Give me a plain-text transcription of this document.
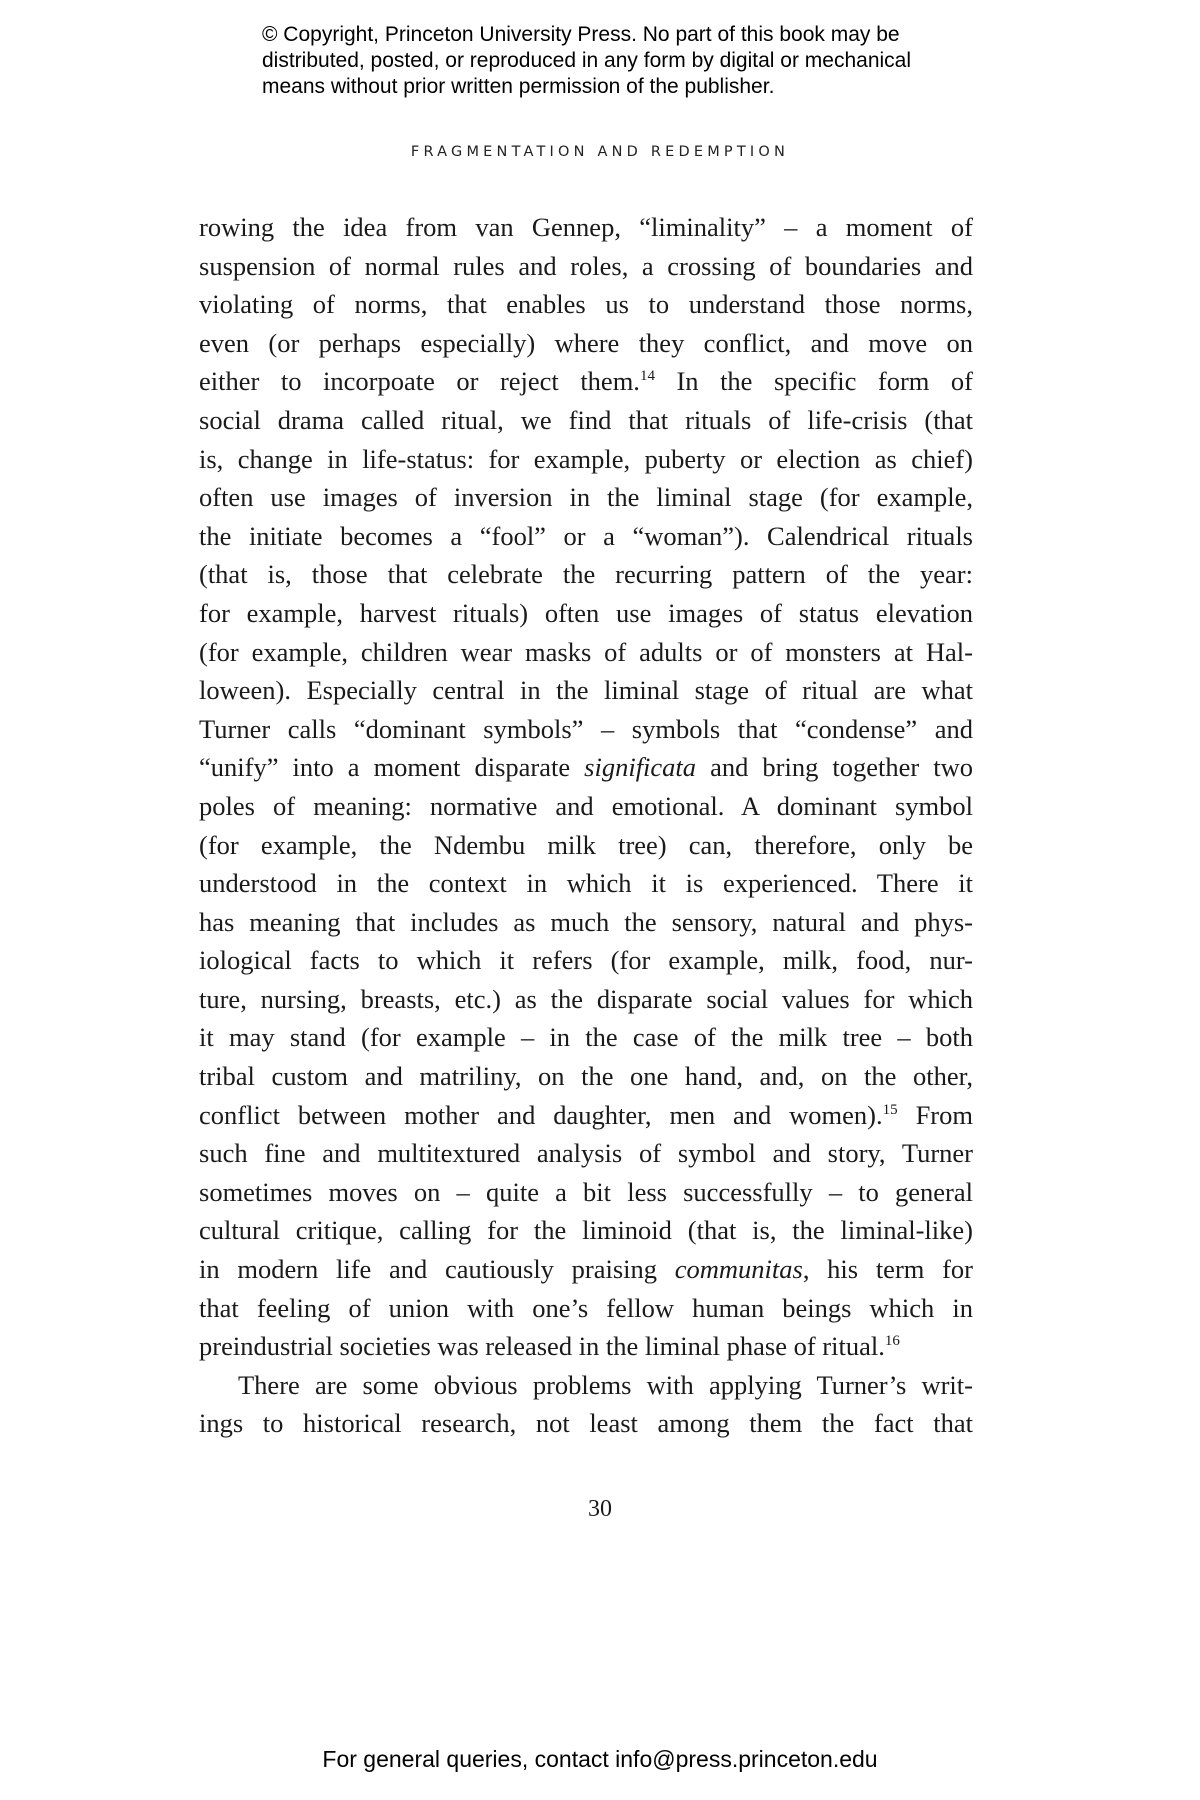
© Copyright, Princeton University Press. No part of this book may be
distributed, posted, or reproduced in any form by digital or mechanical
means without prior written permission of the publisher.
FRAGMENTATION AND REDEMPTION
rowing the idea from van Gennep, “liminality” – a moment of
suspension of normal rules and roles, a crossing of boundaries and
violating of norms, that enables us to understand those norms,
even (or perhaps especially) where they conflict, and move on
either to incorpoate or reject them.$^{14}$ In the specific form of
social drama called ritual, we find that rituals of life-crisis (that
is, change in life-status: for example, puberty or election as chief)
often use images of inversion in the liminal stage (for example,
the initiate becomes a “fool” or a “woman”). Calendrical rituals
(that is, those that celebrate the recurring pattern of the year:
for example, harvest rituals) often use images of status elevation
(for example, children wear masks of adults or of monsters at Hal-
loween). Especially central in the liminal stage of ritual are what
Turner calls “dominant symbols” – symbols that “condense” and
“unify” into a moment disparate significata and bring together two
poles of meaning: normative and emotional. A dominant symbol
(for example, the Ndembu milk tree) can, therefore, only be
understood in the context in which it is experienced. There it
has meaning that includes as much the sensory, natural and phys-
iological facts to which it refers (for example, milk, food, nur-
ture, nursing, breasts, etc.) as the disparate social values for which
it may stand (for example – in the case of the milk tree – both
tribal custom and matriliny, on the one hand, and, on the other,
conflict between mother and daughter, men and women).$^{15}$ From
such fine and multitextured analysis of symbol and story, Turner
sometimes moves on – quite a bit less successfully – to general
cultural critique, calling for the liminoid (that is, the liminal-like)
in modern life and cautiously praising communitas, his term for
that feeling of union with one’s fellow human beings which in
preindustrial societies was released in the liminal phase of ritual.$^{16}$
There are some obvious problems with applying Turner’s writ-
ings to historical research, not least among them the fact that
30
For general queries, contact info@press.princeton.edu
